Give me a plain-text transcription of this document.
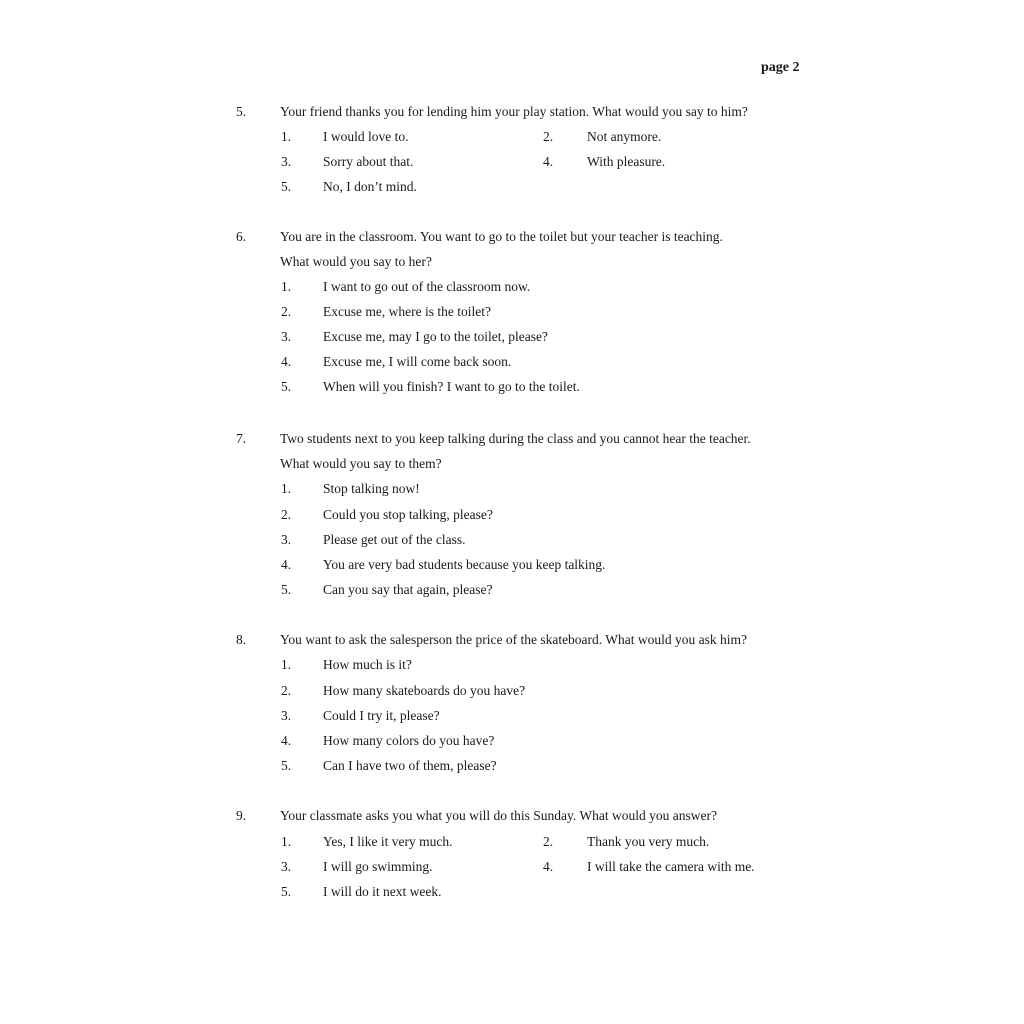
page 2
5.	Your friend thanks you for lending him your play station. What would you say to him?
1. I would love to.	2.	Not anymore.
3. Sorry about that.	4.	With pleasure.
5. No, I don’t mind.
6.	You are in the classroom. You want to go to the toilet but your teacher is teaching.
What would you say to her?
1. I want to go out of the classroom now.
2. Excuse me, where is the toilet?
3. Excuse me, may I go to the toilet, please?
4. Excuse me, I will come back soon.
5. When will you finish? I want to go to the toilet.
7.	Two students next to you keep talking during the class and you cannot hear the teacher.
What would you say to them?
1. Stop talking now!
2. Could you stop talking, please?
3. Please get out of the class.
4. You are very bad students because you keep talking.
5. Can you say that again, please?
8.	You want to ask the salesperson the price of the skateboard. What would you ask him?
1. How much is it?
2. How many skateboards do you have?
3. Could I try it, please?
4. How many colors do you have?
5. Can I have two of them, please?
9.	Your classmate asks you what you will do this Sunday. What would you answer?
1. Yes, I like it very much.	2.	Thank you very much.
3. I will go swimming.	4.	I will take the camera with me.
5. I will do it next week.
